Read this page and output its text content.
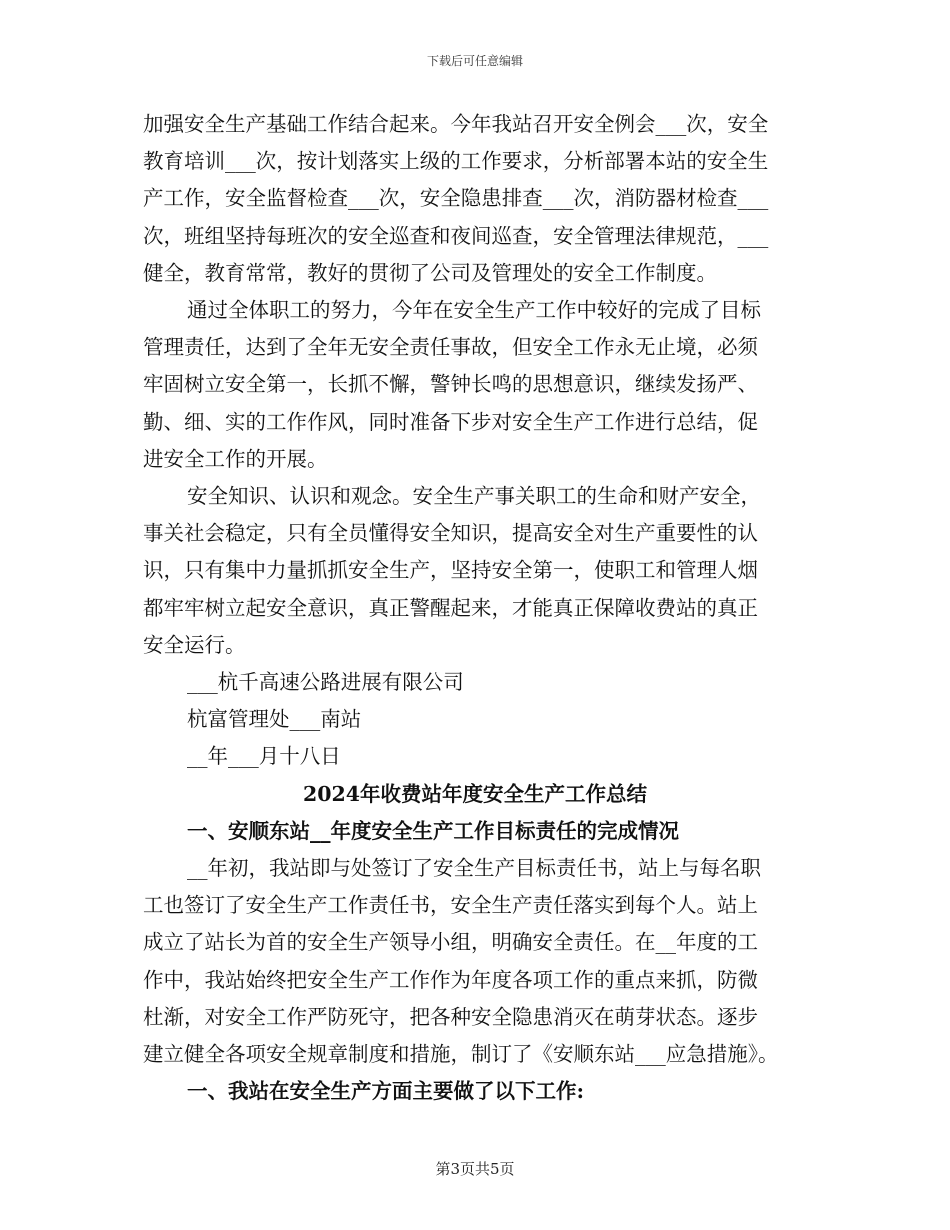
下载后可任意编辑

加强安全生产基础工作结合起来。今年我站召开安全例会___次，安全

教育培训___次，按计划落实上级的工作要求，分析部署本站的安全生

产工作，安全监督检查___次，安全隐患排查___次，消防器材检查___

次，班组坚持每班次的安全巡查和夜间巡查，安全管理法律规范，___

健全，教育常常，教好的贯彻了公司及管理处的安全工作制度。

通过全体职工的努力，今年在安全生产工作中较好的完成了目标

管理责任，达到了全年无安全责任事故，但安全工作永无止境，必须

牢固树立安全第一，长抓不懈，警钟长鸣的思想意识，继续发扬严、

勤、细、实的工作作风，同时准备下步对安全生产工作进行总结，促

进安全工作的开展。

安全知识、认识和观念。安全生产事关职工的生命和财产安全，

事关社会稳定，只有全员懂得安全知识，提高安全对生产重要性的认

识，只有集中力量抓抓安全生产，坚持安全第一，使职工和管理人烟

都牢牢树立起安全意识，真正警醒起来，才能真正保障收费站的真正

安全运行。

___杭千高速公路进展有限公司

杭富管理处___南站

__年___月十八日

2024年收费站年度安全生产工作总结

一、安顺东站__年度安全生产工作目标责任的完成情况

__年初，我站即与处签订了安全生产目标责任书，站上与每名职

工也签订了安全生产工作责任书，安全生产责任落实到每个人。站上

成立了站长为首的安全生产领导小组，明确安全责任。在__年度的工

作中，我站始终把安全生产工作作为年度各项工作的重点来抓，防微

杜渐，对安全工作严防死守，把各种安全隐患消灭在萌芽状态。逐步

建立健全各项安全规章制度和措施，制订了《安顺东站___应急措施》。

一、我站在安全生产方面主要做了以下工作:

第3页共5页
